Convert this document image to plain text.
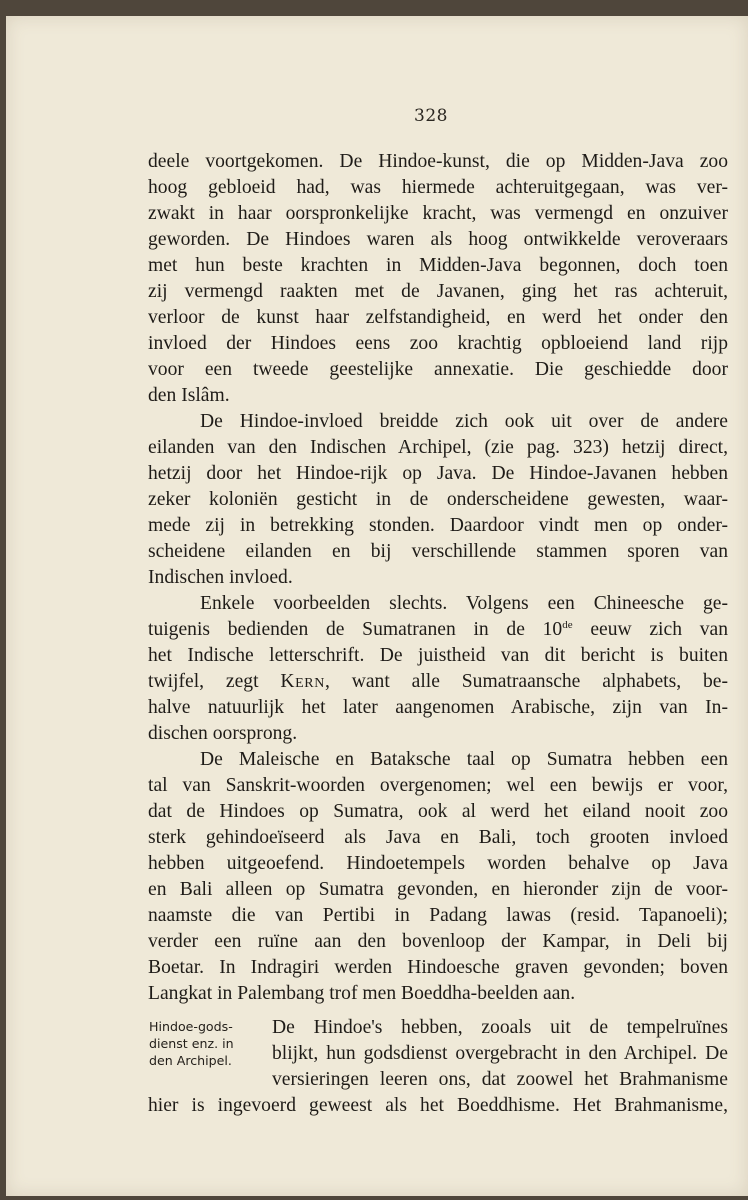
328
deele voortgekomen. De Hindoe-kunst, die op Midden-Java zoo
hoog gebloeid had, was hiermede achteruitgegaan, was ver-
zwakt in haar oorspronkelijke kracht, was vermengd en onzuiver
geworden. De Hindoes waren als hoog ontwikkelde veroveraars
met hun beste krachten in Midden-Java begonnen, doch toen
zij vermengd raakten met de Javanen, ging het ras achteruit,
verloor de kunst haar zelfstandigheid, en werd het onder den
invloed der Hindoes eens zoo krachtig opbloeiend land rijp
voor een tweede geestelijke annexatie. Die geschiedde door
den Islâm.
De Hindoe-invloed breidde zich ook uit over de andere
eilanden van den Indischen Archipel, (zie pag. 323) hetzij direct,
hetzij door het Hindoe-rijk op Java. De Hindoe-Javanen hebben
zeker koloniën gesticht in de onderscheidene gewesten, waar-
mede zij in betrekking stonden. Daardoor vindt men op onder-
scheidene eilanden en bij verschillende stammen sporen van
Indischen invloed.
Enkele voorbeelden slechts. Volgens een Chineesche ge-
tuigenis bedienden de Sumatranen in de 10de eeuw zich van
het Indische letterschrift. De juistheid van dit bericht is buiten
twijfel, zegt Kern, want alle Sumatraansche alphabets, be-
halve natuurlijk het later aangenomen Arabische, zijn van In-
dischen oorsprong.
De Maleische en Bataksche taal op Sumatra hebben een
tal van Sanskrit-woorden overgenomen; wel een bewijs er voor,
dat de Hindoes op Sumatra, ook al werd het eiland nooit zoo
sterk gehindoeïseerd als Java en Bali, toch grooten invloed
hebben uitgeoefend. Hindoetempels worden behalve op Java
en Bali alleen op Sumatra gevonden, en hieronder zijn de voor-
naamste die van Pertibi in Padang lawas (resid. Tapanoeli);
verder een ruïne aan den bovenloop der Kampar, in Deli bij
Boetar. In Indragiri werden Hindoesche graven gevonden; boven
Langkat in Palembang trof men Boeddha-beelden aan.
Hindoe-gods-
dienst enz. in
den Archipel.
De Hindoe's hebben, zooals uit de tempelruïnes
blijkt, hun godsdienst overgebracht in den Archipel. De
versieringen leeren ons, dat zoowel het Brahmanisme
hier is ingevoerd geweest als het Boeddhisme. Het Brahmanisme,
